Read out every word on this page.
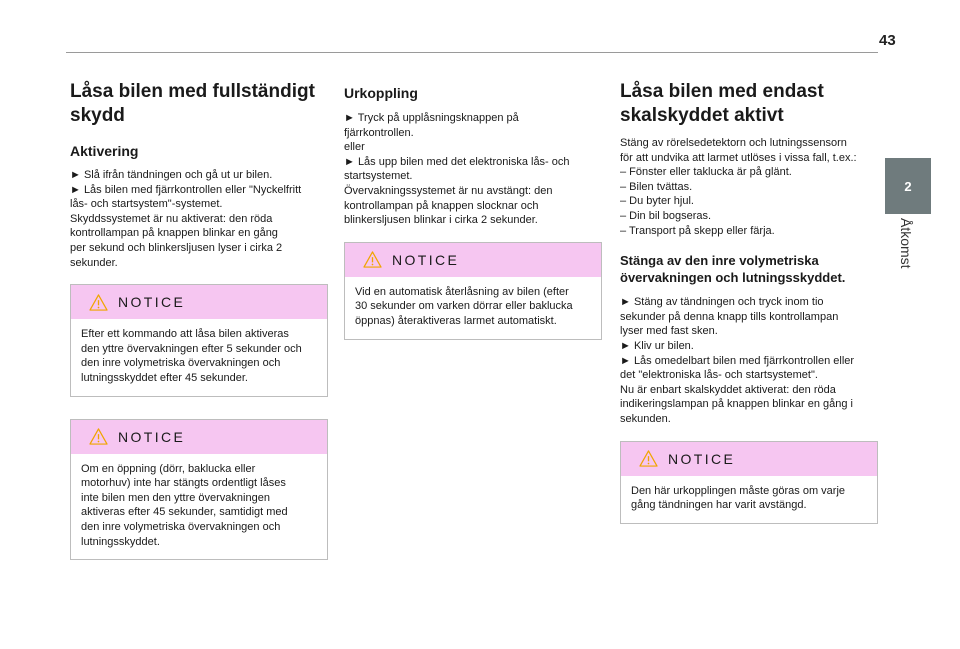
43
2
Åtkomst
Låsa bilen med fullständigt
skydd
Aktivering

► Slå ifrån tändningen och gå ut ur bilen.

► Lås bilen med fjärrkontrollen eller "Nyckelfritt

lås- och startsystem"-systemet.

Skyddssystemet är nu aktiverat: den röda

kontrollampan på knappen blinkar en gång

per sekund och blinkersljusen lyser i cirka 2

sekunder.

NOTICE

Efter ett kommando att låsa bilen aktiveras

den yttre övervakningen efter 5 sekunder och

den inre volymetriska övervakningen och

lutningsskyddet efter 45 sekunder.

NOTICE

Om en öppning (dörr, baklucka eller

motorhuv) inte har stängts ordentligt låses

inte bilen men den yttre övervakningen

aktiveras efter 45 sekunder, samtidigt med

den inre volymetriska övervakningen och

lutningsskyddet.

Urkoppling

► Tryck på upplåsningsknappen på

fjärrkontrollen.

eller

► Lås upp bilen med det elektroniska lås- och

startsystemet.

Övervakningssystemet är nu avstängt: den

kontrollampan på knappen slocknar och

blinkersljusen blinkar i cirka 2 sekunder.

NOTICE

Vid en automatisk återlåsning av bilen (efter

30 sekunder om varken dörrar eller baklucka

öppnas) återaktiveras larmet automatiskt.

Låsa bilen med endast
skalskyddet aktivt

Stäng av rörelsedetektorn och lutningssensorn

för att undvika att larmet utlöses i vissa fall, t.ex.:

– Fönster eller taklucka är på glänt.

– Bilen tvättas.

– Du byter hjul.

– Din bil bogseras.

– Transport på skepp eller färja.

Stänga av den inre volymetriska
övervakningen och lutningsskyddet.

► Stäng av tändningen och tryck inom tio

sekunder på denna knapp tills kontrollampan

lyser med fast sken.

► Kliv ur bilen.

► Lås omedelbart bilen med fjärrkontrollen eller

det "elektroniska lås- och startsystemet".

Nu är enbart skalskyddet aktiverat: den röda

indikeringslampan på knappen blinkar en gång i

sekunden.

NOTICE

Den här urkopplingen måste göras om varje

gång tändningen har varit avstängd.
